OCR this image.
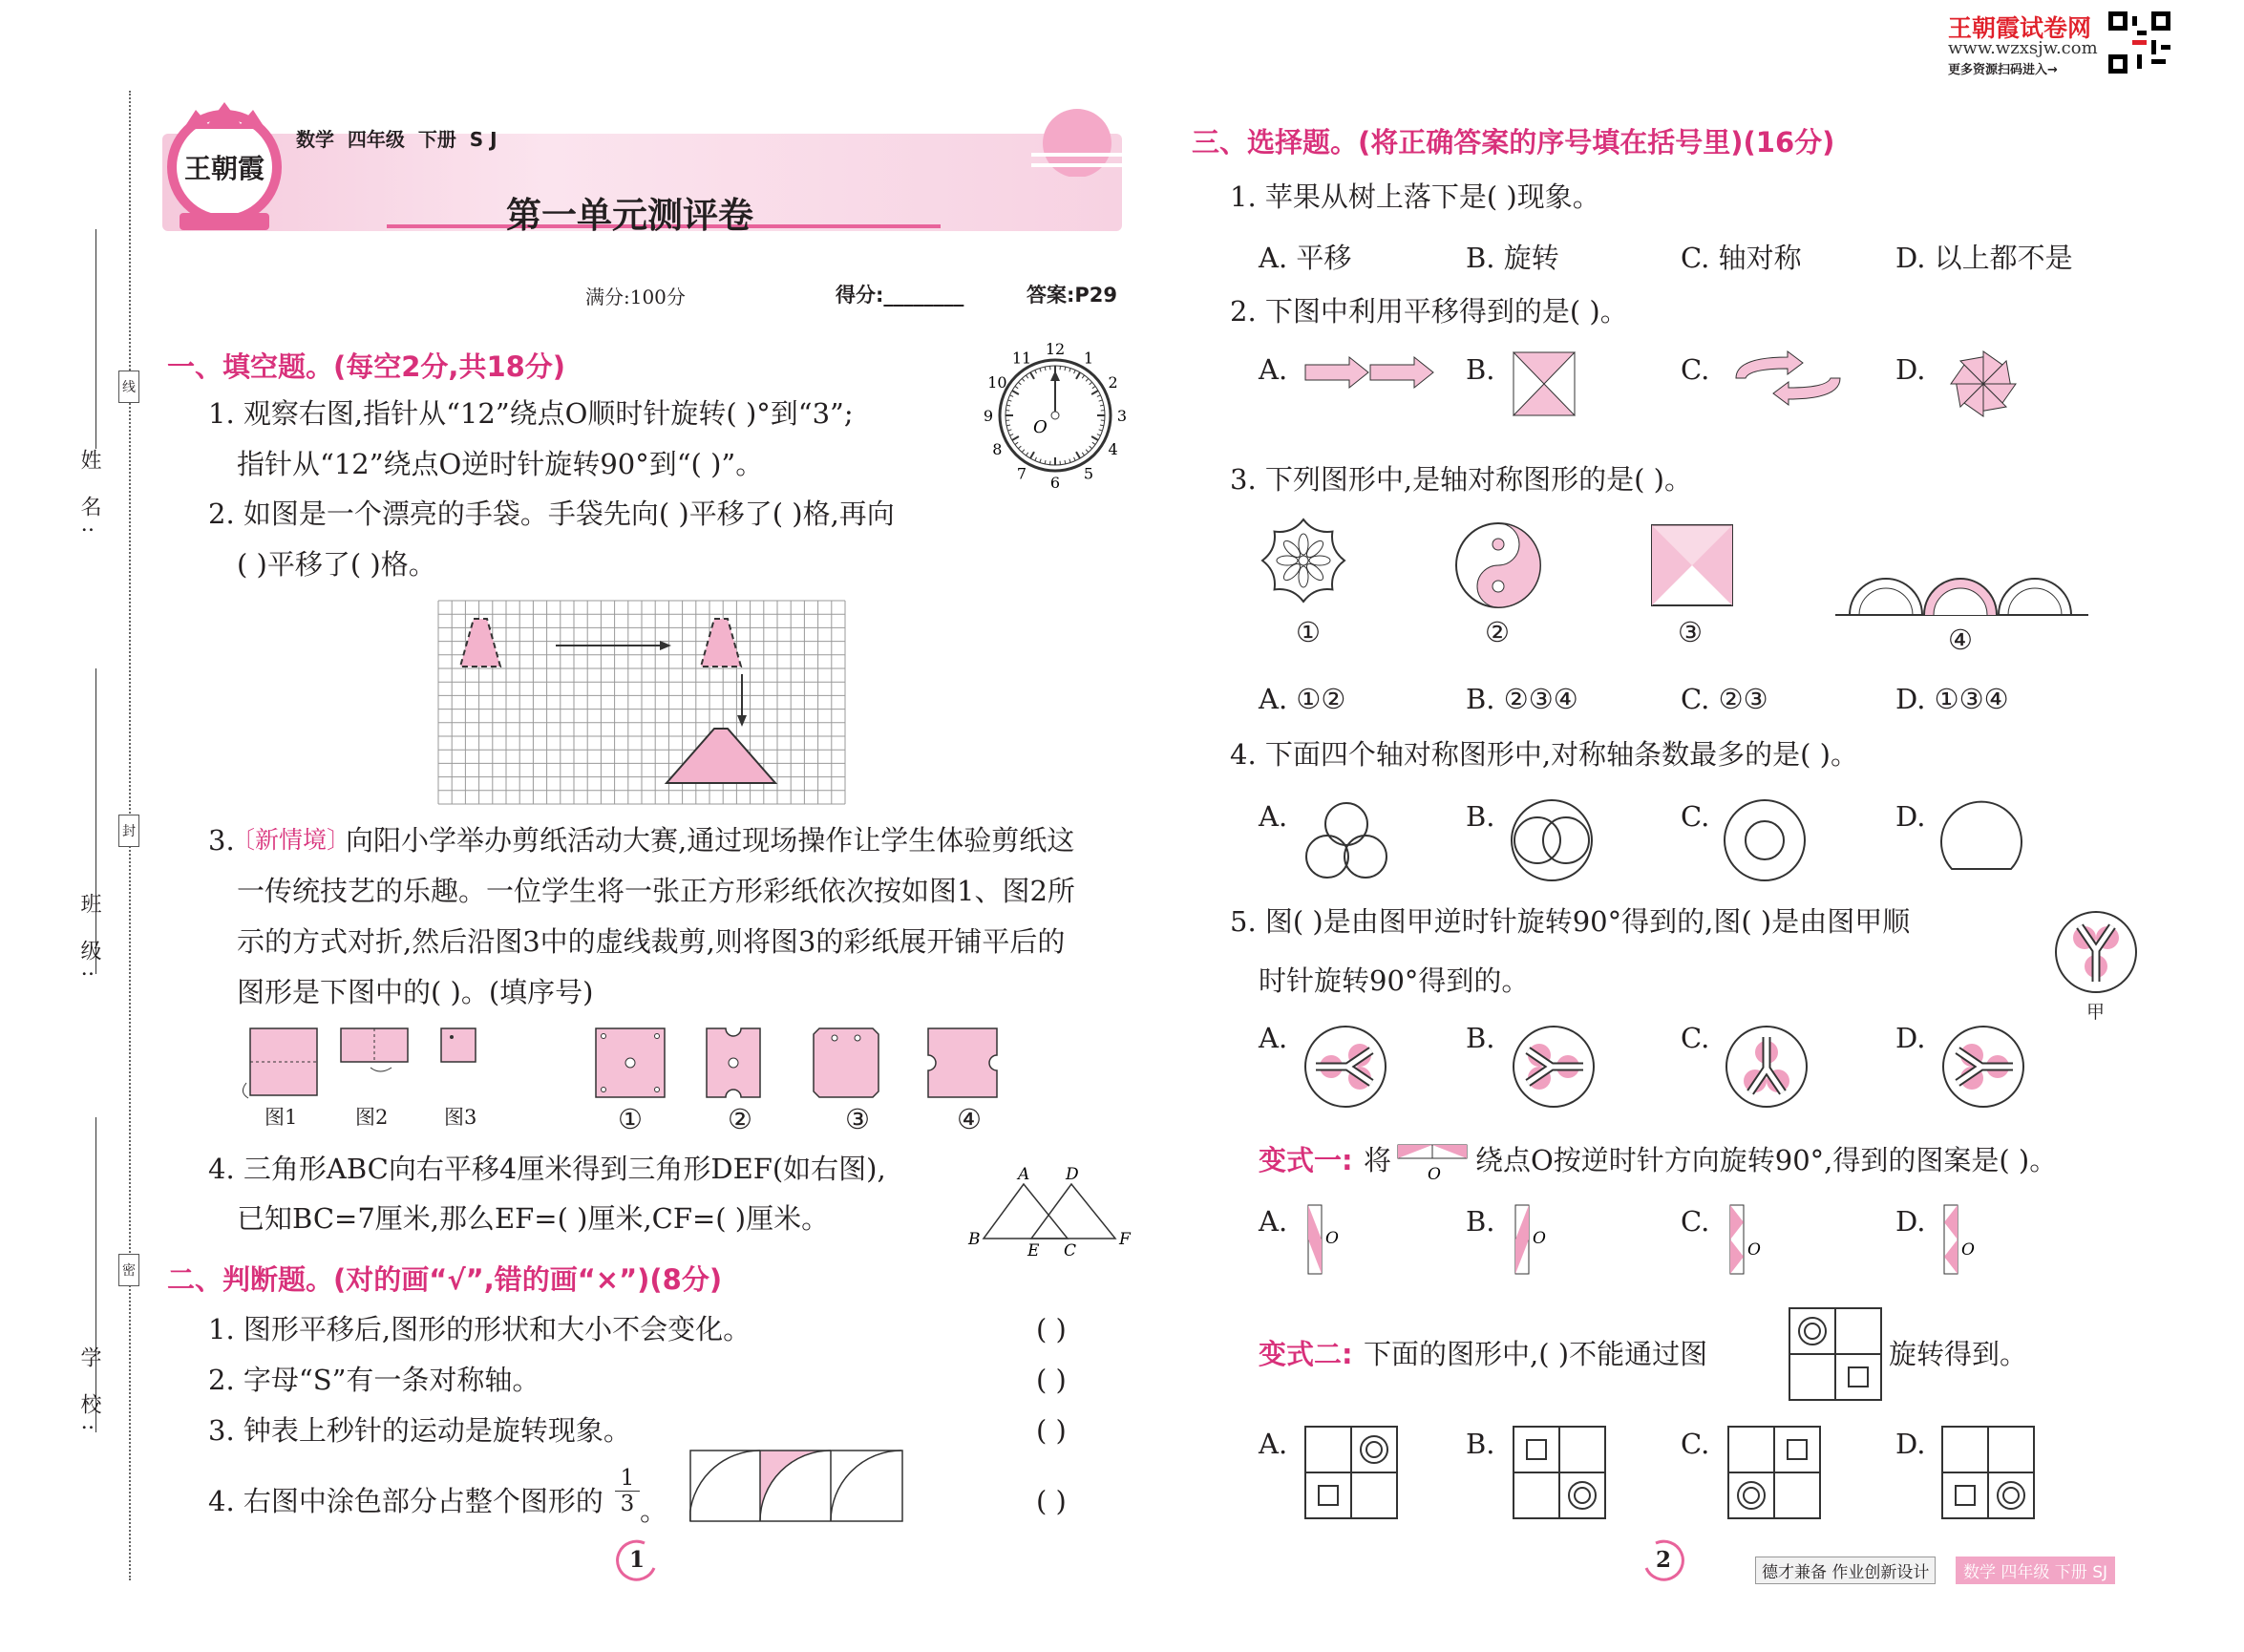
姓 名:
班 级:
学 校:
线
封
密
王朝霞
数学  四年级  下册  S J
第一单元测评卷
满分:100分	得分:________	答案:P29
王朝霞试卷网
www.wzxsjw.com
更多资源扫码进入→
一、填空题。(每空2分,共18分)
1. 观察右图,指针从“12”绕点O顺时针旋转( )°到“3”;
指针从“12”绕点O逆时针旋转90°到“( )”。
12 1
2
3
4
5
6
7
8
9
10
11
O
2. 如图是一个漂亮的手袋。手袋先向( )平移了( )格,再向
( )平移了( )格。
3.
〔新情境〕
向阳小学举办剪纸活动大赛,通过现场操作让学生体验剪纸这
一传统技艺的乐趣。一位学生将一张正方形彩纸依次按如图1、图2所
示的方式对折,然后沿图3中的虚线裁剪,则将图3的彩纸展开铺平后的
图形是下图中的( )。(填序号)
图1	图2	图3	①	②	③	④
4. 三角形ABC向右平移4厘米得到三角形DEF(如右图),
已知BC=7厘米,那么EF=( )厘米,CF=( )厘米。
A D
B
E C
F
二、判断题。(对的画“√”,错的画“×”)(8分)
1. 图形平移后,图形的形状和大小不会变化。
2. 字母“S”有一条对称轴。
3. 钟表上秒针的运动是旋转现象。
4. 右图中涂色部分占整个图形的 $\frac{1}{3}$ 。
( )
( )
( )
( )
1
三、选择题。(将正确答案的序号填在括号里)(16分)
1. 苹果从树上落下是( )现象。
A. 平移	B. 旋转	C. 轴对称	D. 以上都不是
2. 下图中利用平移得到的是( )。
A.	B.	C.	D.
3. 下列图形中,是轴对称图形的是( )。
①	②	③	④
A. ①②	B. ②③④	C. ②③	D. ①③④
4. 下面四个轴对称图形中,对称轴条数最多的是( )。
A.	B.	C.	D.
5. 图( )是由图甲逆时针旋转90°得到的,图( )是由图甲顺
时针旋转90°得到的。
甲
A.	B.	C.	D.
变式一: 将 O 绕点O按逆时针方向旋转90°,得到的图案是( )。
A.	B.	C.	D.
O	O
O	O
变式二: 下面的图形中,( )不能通过图	旋转得到。
A.	B.	C.	D.
2	德才兼备 作业创新设计	数学 四年级 下册 SJ
